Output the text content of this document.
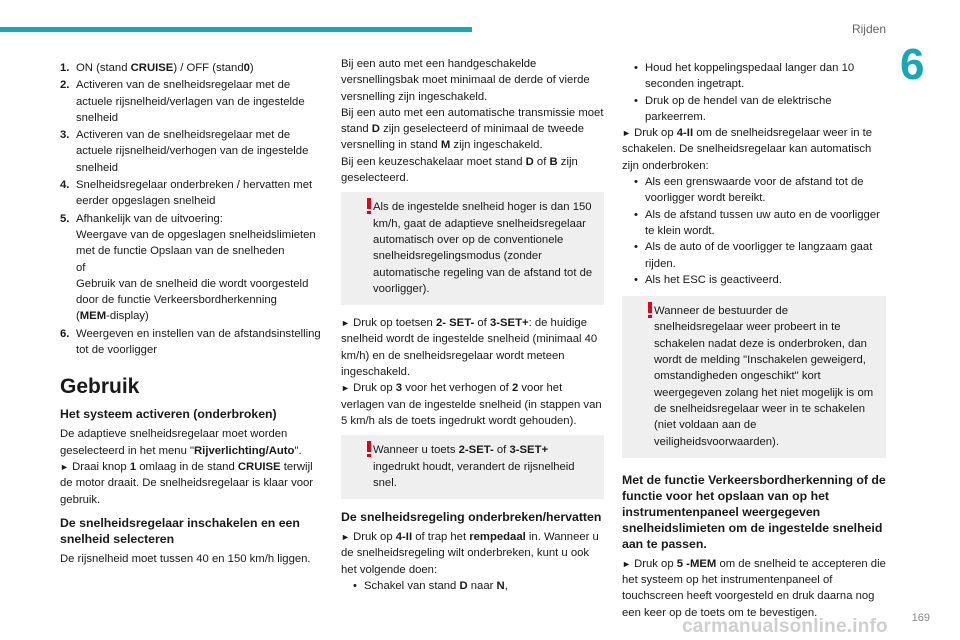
Rijden
6
1. ON (stand CRUISE) / OFF (stand0)
2. Activeren van de snelheidsregelaar met de actuele rijsnelheid/verlagen van de ingestelde snelheid
3. Activeren van de snelheidsregelaar met de actuele rijsnelheid/verhogen van de ingestelde snelheid
4. Snelheidsregelaar onderbreken / hervatten met eerder opgeslagen snelheid
5. Afhankelijk van de uitvoering:
Weergave van de opgeslagen snelheidslimieten met de functie Opslaan van de snelheden
of
Gebruik van de snelheid die wordt voorgesteld door de functie Verkeersbordherkenning
(MEM-display)
6. Weergeven en instellen van de afstandsinstelling tot de voorligger
Gebruik
Het systeem activeren (onderbroken)

De adaptieve snelheidsregelaar moet worden geselecteerd in het menu "Rijverlichting/Auto".
► Draai knop 1 omlaag in de stand CRUISE terwijl de motor draait. De snelheidsregelaar is klaar voor gebruik.

De snelheidsregelaar inschakelen en een snelheid selecteren

De rijsnelheid moet tussen 40 en 150 km/h liggen.

Bij een auto met een handgeschakelde versnellingsbak moet minimaal de derde of vierde versnelling zijn ingeschakeld.
Bij een auto met een automatische transmissie moet stand D zijn geselecteerd of minimaal de tweede versnelling in stand M zijn ingeschakeld.
Bij een keuzeschakelaar moet stand D of B zijn geselecteerd.

Als de ingestelde snelheid hoger is dan 150 km/h, gaat de adaptieve snelheidsregelaar automatisch over op de conventionele snelheidsregelingsmodus (zonder automatische regeling van de afstand tot de voorligger).

► Druk op toetsen 2- SET- of 3-SET+: de huidige snelheid wordt de ingestelde snelheid (minimaal 40 km/h) en de snelheidsregelaar wordt meteen ingeschakeld.
► Druk op 3 voor het verhogen of 2 voor het verlagen van de ingestelde snelheid (in stappen van 5 km/h als de toets ingedrukt wordt gehouden).

Wanneer u toets 2-SET- of 3-SET+ ingedrukt houdt, verandert de rijsnelheid snel.
De snelheidsregeling onderbreken/hervatten

► Druk op 4-II of trap het rempedaal in. Wanneer u de snelheidsregeling wilt onderbreken, kunt u ook het volgende doen:

• Schakel van stand D naar N,
• Houd het koppelingspedaal langer dan 10 seconden ingetrapt.
• Druk op de hendel van de elektrische parkeerrem.

► Druk op 4-II om de snelheidsregelaar weer in te schakelen. De snelheidsregelaar kan automatisch zijn onderbroken:

• Als een grenswaarde voor de afstand tot de voorligger wordt bereikt.
• Als de afstand tussen uw auto en de voorligger te klein wordt.
• Als de auto of de voorligger te langzaam gaat rijden.
• Als het ESC is geactiveerd.
Wanneer de bestuurder de snelheidsregelaar weer probeert in te schakelen nadat deze is onderbroken, dan wordt de melding "Inschakelen geweigerd, omstandigheden ongeschikt" kort weergegeven zolang het niet mogelijk is om de snelheidsregelaar weer in te schakelen (niet voldaan aan de veiligheidsvoorwaarden).
Met de functie Verkeersbordherkenning of de functie voor het opslaan van op het instrumentenpaneel weergegeven snelheidslimieten om de ingestelde snelheid aan te passen.

► Druk op 5 -MEM om de snelheid te accepteren die het systeem op het instrumentenpaneel of touchscreen heeft voorgesteld en druk daarna nog een keer op de toets om te bevestigen.

carmanualsonline.info 169
